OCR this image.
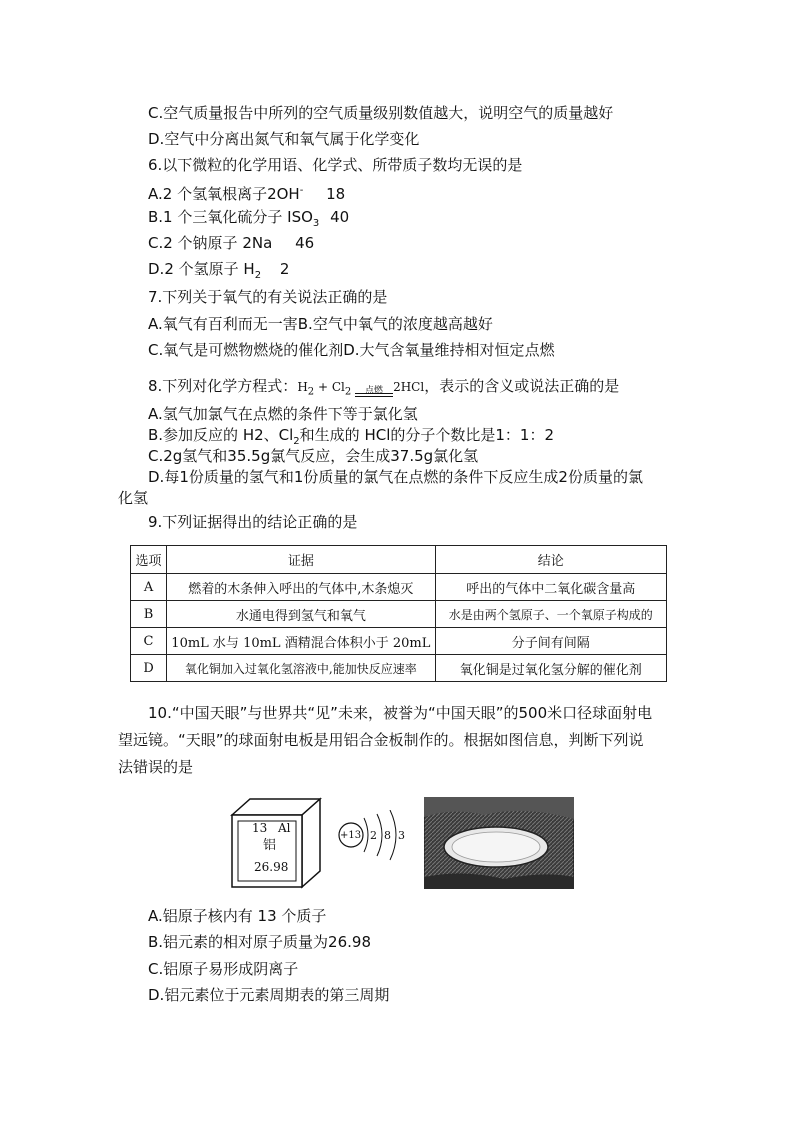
C.空气质量报告中所列的空气质量级别数值越大，说明空气的质量越好
D.空气中分离出氮气和氧气属于化学变化
6.以下微粒的化学用语、化学式、所带质子数均无误的是
A.2 个氢氧根离子2OH- 18
B.1 个三氧化硫分子 $ISO_3$ 40
C.2 个钠原子 2Na 46
D.2 个氢原子 $H_2$ 2
7.下列关于氧气的有关说法正确的是
A.氧气有百利而无一害B.空气中氧气的浓度越高越好
C.氧气是可燃物燃烧的催化剂D.大气含氧量维持相对恒定点燃
8.下列对化学方程式：$H_2 + Cl_2$	点燃 2HCl，表示的含义或说法正确的是
A.氢气加氯气在点燃的条件下等于氯化氢
B.参加反应的 H2、$Cl_2$和生成的 HCl的分子个数比是1：1：2
C.2g氢气和35.5g氯气反应，会生成37.5g氯化氢
D.每1份质量的氢气和1份质量的氯气在点燃的条件下反应生成2份质量的氯
化氢
9.下列证据得出的结论正确的是
选项	证据	结论
A	燃着的木条伸入呼出的气体中,木条熄灭	呼出的气体中二氧化碳含量高
B	水通电得到氢气和氧气	水是由两个氢原子、一个氧原子构成的
C	10mL 水与 10mL 酒精混合体积小于 20mL	分子间有间隔
D	氧化铜加入过氧化氢溶液中,能加快反应速率	氧化铜是过氧化氢分解的催化剂
10.“中国天眼”与世界共“见”未来，被誉为“中国天眼”的500米口径球面射电
望远镜。“天眼”的球面射电板是用铝合金板制作的。根据如图信息，判断下列说
法错误的是
13 Al
铝
26.98
+13 2 8 3
A.铝原子核内有 13 个质子
B.铝元素的相对原子质量为26.98
C.铝原子易形成阴离子
D.铝元素位于元素周期表的第三周期
